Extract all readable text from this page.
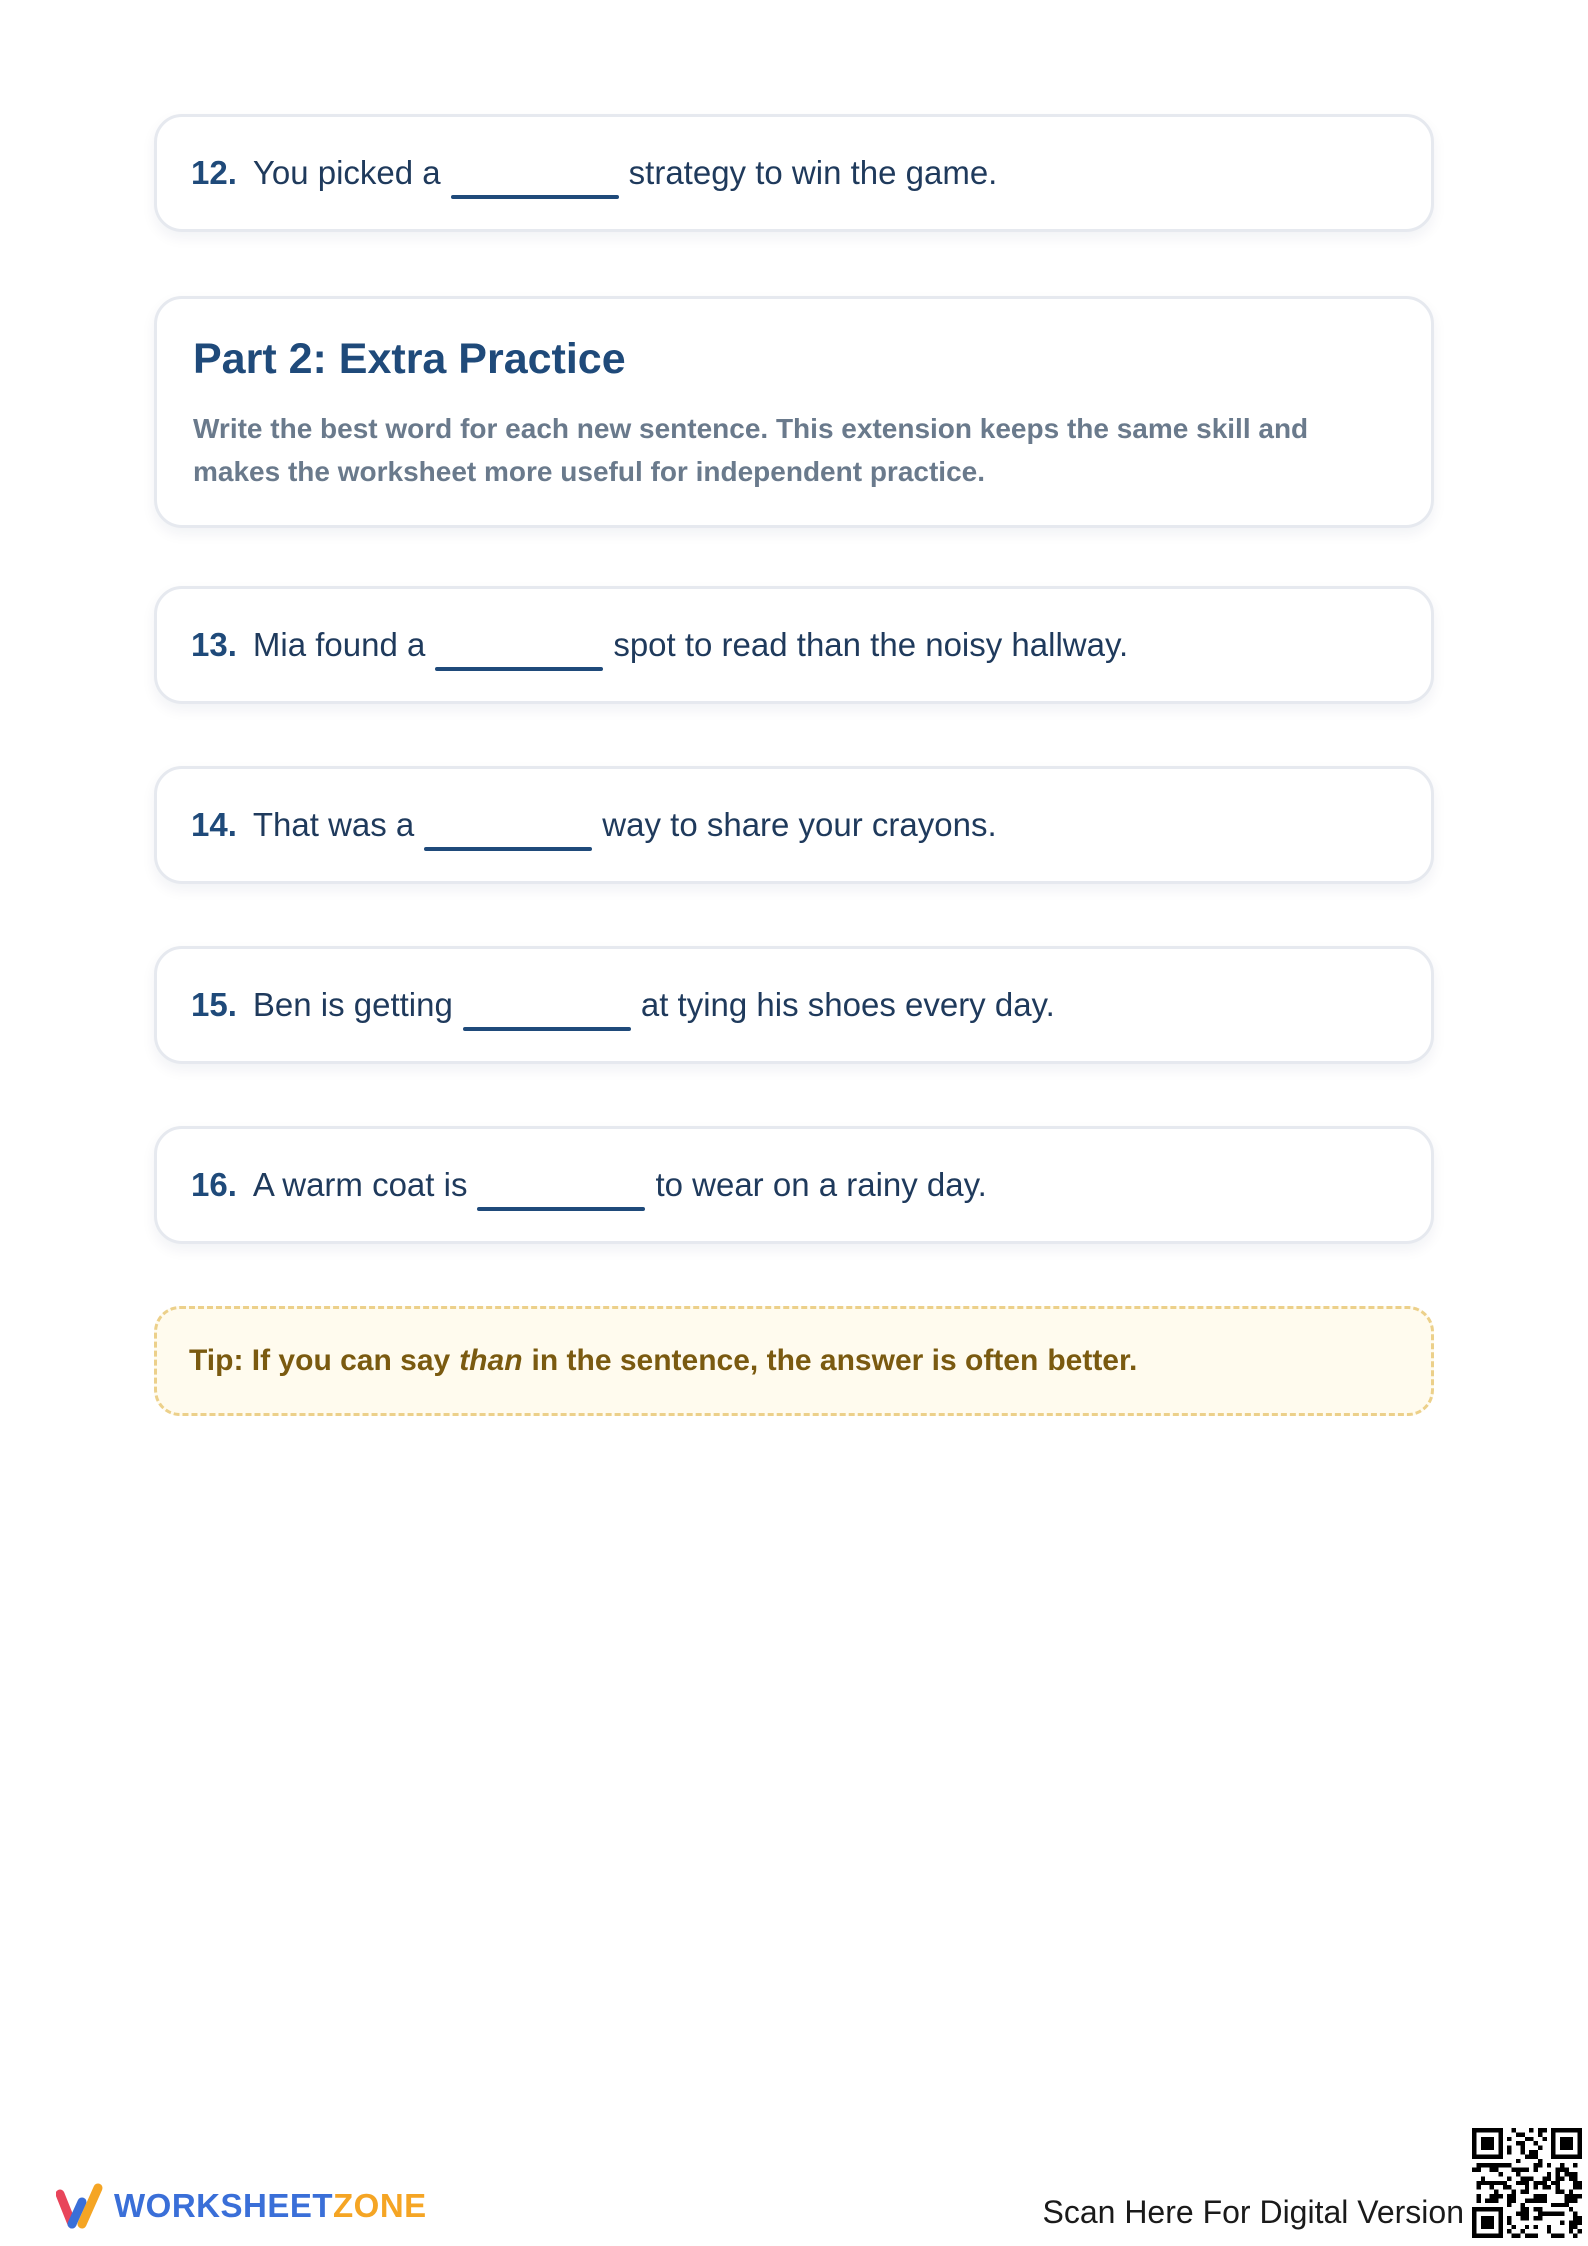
12. You picked a	strategy to win the game.
Part 2: Extra Practice
Write the best word for each new sentence. This extension keeps the same skill and makes the worksheet more useful for independent practice.
13. Mia found a	spot to read than the noisy hallway.
14. That was a	way to share your crayons.
15. Ben is getting	at tying his shoes every day.
16. A warm coat is	to wear on a rainy day.
Tip: If you can say than in the sentence, the answer is often better.
WORKSHEETZONE	Scan Here For Digital Version
